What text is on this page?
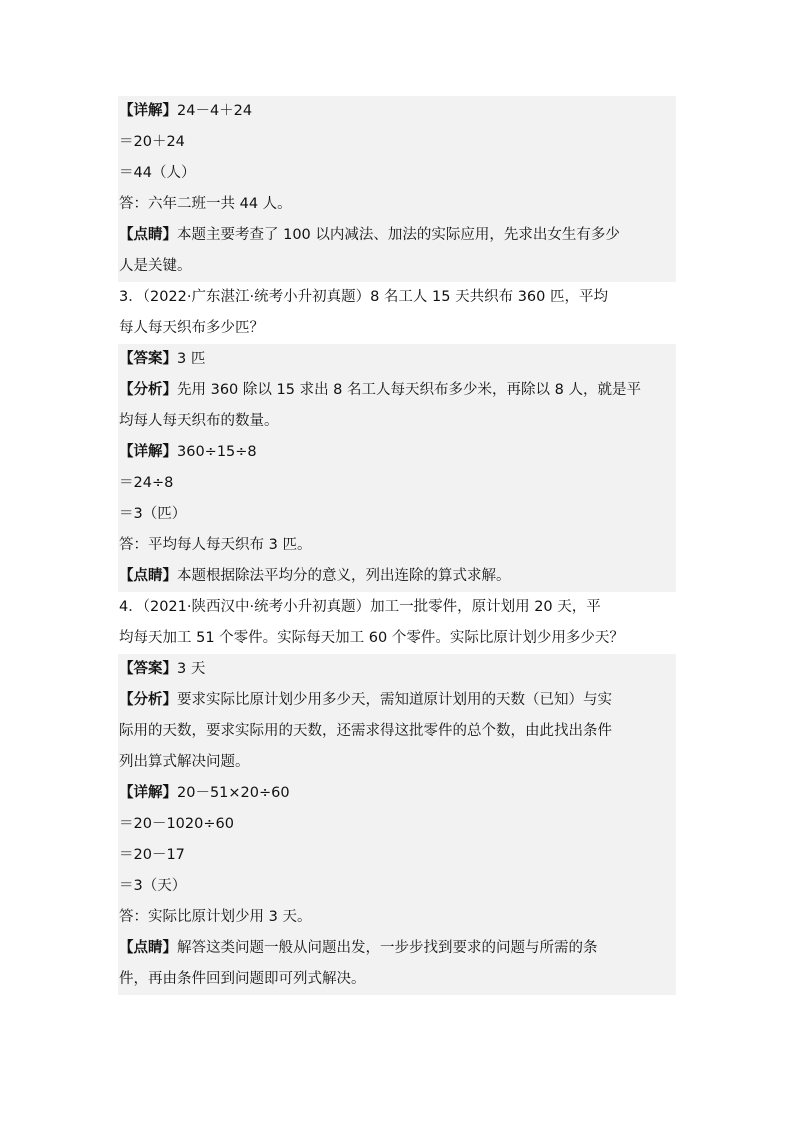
【详解】24－4＋24
＝20＋24
＝44（人）
答：六年二班一共 44 人。
【点睛】本题主要考查了 100 以内减法、加法的实际应用，先求出女生有多少
人是关键。
3．（2022·广东湛江·统考小升初真题）8 名工人 15 天共织布 360 匹，平均
每人每天织布多少匹？
【答案】3 匹
【分析】先用 360 除以 15 求出 8 名工人每天织布多少米，再除以 8 人，就是平
均每人每天织布的数量。
【详解】360÷15÷8
＝24÷8
＝3（匹）
答：平均每人每天织布 3 匹。
【点睛】本题根据除法平均分的意义，列出连除的算式求解。
4．（2021·陕西汉中·统考小升初真题）加工一批零件，原计划用 20 天，平
均每天加工 51 个零件。实际每天加工 60 个零件。实际比原计划少用多少天？
【答案】3 天
【分析】要求实际比原计划少用多少天，需知道原计划用的天数（已知）与实
际用的天数，要求实际用的天数，还需求得这批零件的总个数，由此找出条件
列出算式解决问题。
【详解】20－51×20÷60
＝20－1020÷60
＝20－17
＝3（天）
答：实际比原计划少用 3 天。
【点睛】解答这类问题一般从问题出发，一步步找到要求的问题与所需的条
件，再由条件回到问题即可列式解决。
